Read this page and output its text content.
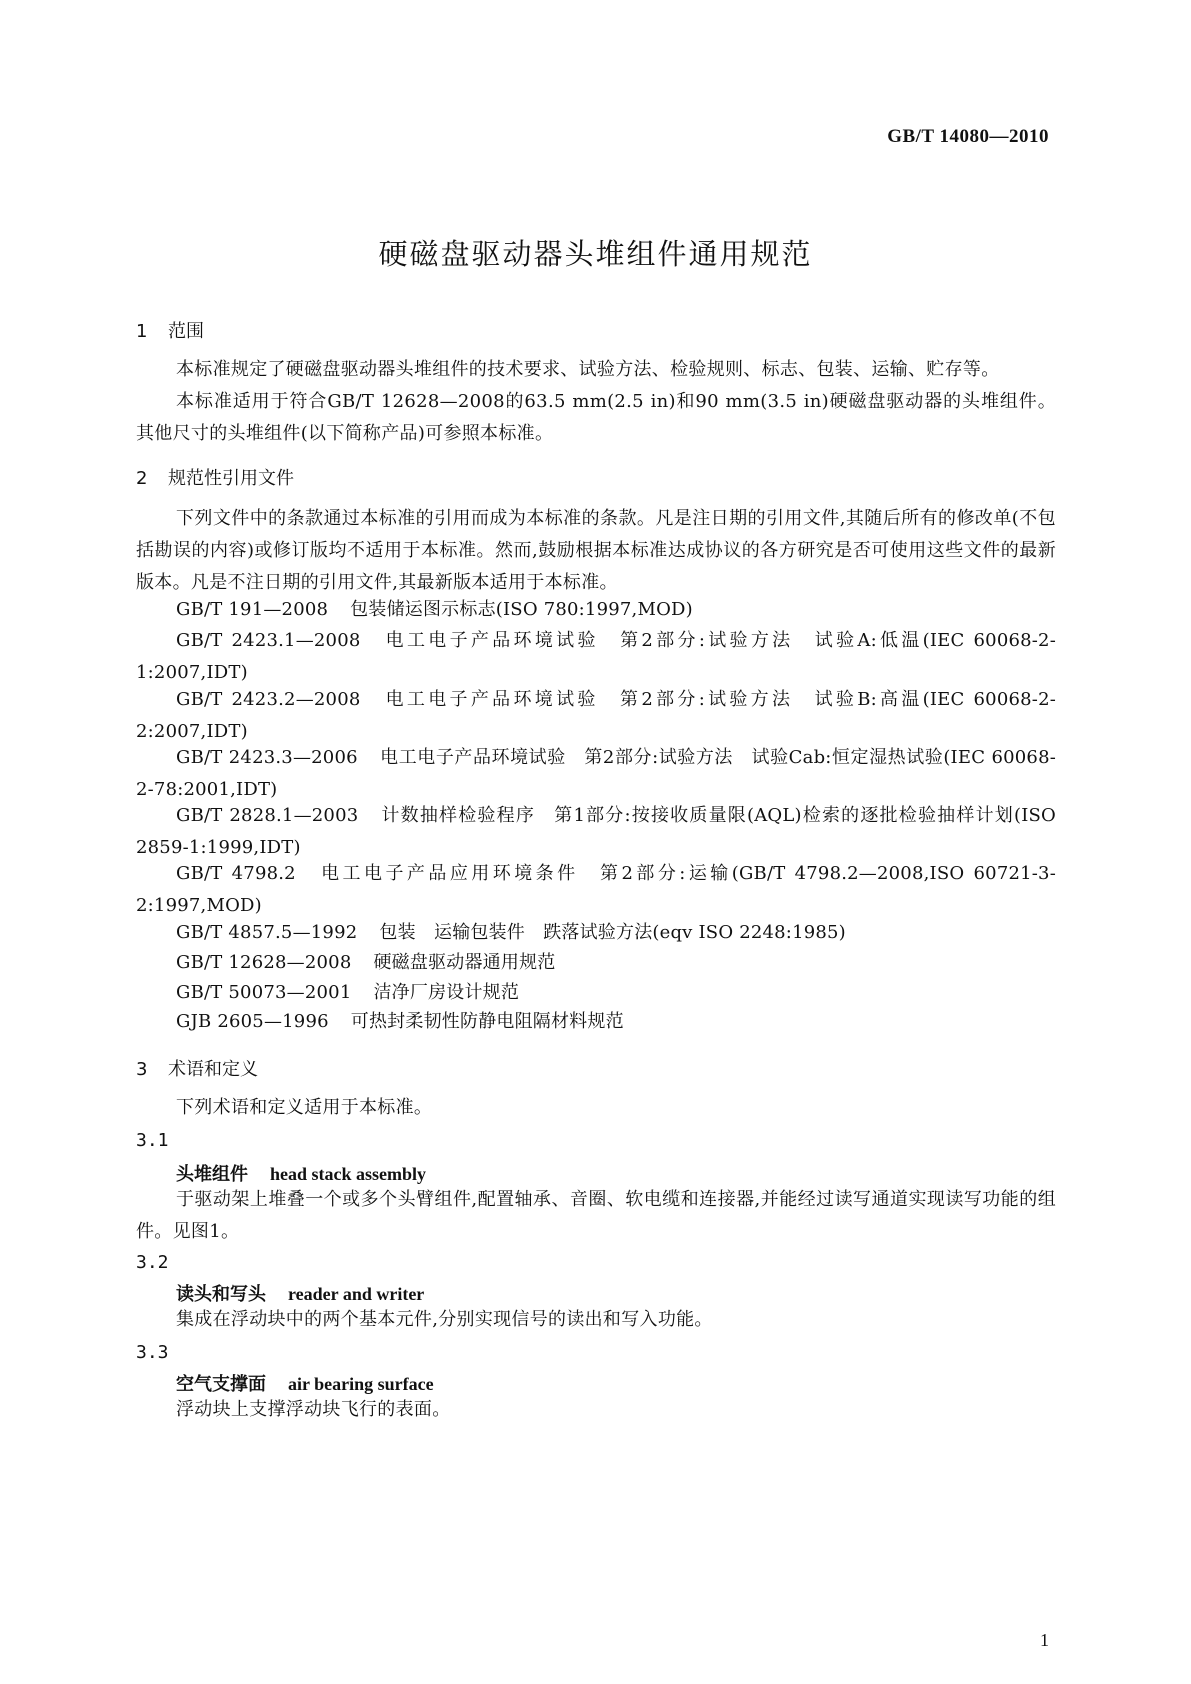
GB/T 14080—2010
硬磁盘驱动器头堆组件通用规范
1 范围
本标准规定了硬磁盘驱动器头堆组件的技术要求、试验方法、检验规则、标志、包装、运输、贮存等。
本标准适用于符合GB/T 12628—2008的63.5 mm(2.5 in)和90 mm(3.5 in)硬磁盘驱动器的头堆组件。其他尺寸的头堆组件(以下简称产品)可参照本标准。
2 规范性引用文件
下列文件中的条款通过本标准的引用而成为本标准的条款。凡是注日期的引用文件,其随后所有的修改单(不包括勘误的内容)或修订版均不适用于本标准。然而,鼓励根据本标准达成协议的各方研究是否可使用这些文件的最新版本。凡是不注日期的引用文件,其最新版本适用于本标准。
GB/T 191—2008 包装储运图示标志(ISO 780:1997,MOD)
GB/T 2423.1—2008 电工电子产品环境试验　第2部分:试验方法　试验A:低温(IEC 60068-2-1:2007,IDT)
GB/T 2423.2—2008 电工电子产品环境试验　第2部分:试验方法　试验B:高温(IEC 60068-2-2:2007,IDT)
GB/T 2423.3—2006 电工电子产品环境试验　第2部分:试验方法　试验Cab:恒定湿热试验(IEC 60068-2-78:2001,IDT)
GB/T 2828.1—2003 计数抽样检验程序　第1部分:按接收质量限(AQL)检索的逐批检验抽样计划(ISO 2859-1:1999,IDT)
GB/T 4798.2 电工电子产品应用环境条件　第2部分:运输(GB/T 4798.2—2008,ISO 60721-3-2:1997,MOD)
GB/T 4857.5—1992 包装　运输包装件　跌落试验方法(eqv ISO 2248:1985)
GB/T 12628—2008 硬磁盘驱动器通用规范
GB/T 50073—2001 洁净厂房设计规范
GJB 2605—1996 可热封柔韧性防静电阻隔材料规范
3 术语和定义
下列术语和定义适用于本标准。
3.1
头堆组件 head stack assembly
于驱动架上堆叠一个或多个头臂组件,配置轴承、音圈、软电缆和连接器,并能经过读写通道实现读写功能的组件。见图1。
3.2
读头和写头 reader and writer
集成在浮动块中的两个基本元件,分别实现信号的读出和写入功能。
3.3
空气支撑面 air bearing surface
浮动块上支撑浮动块飞行的表面。
1
